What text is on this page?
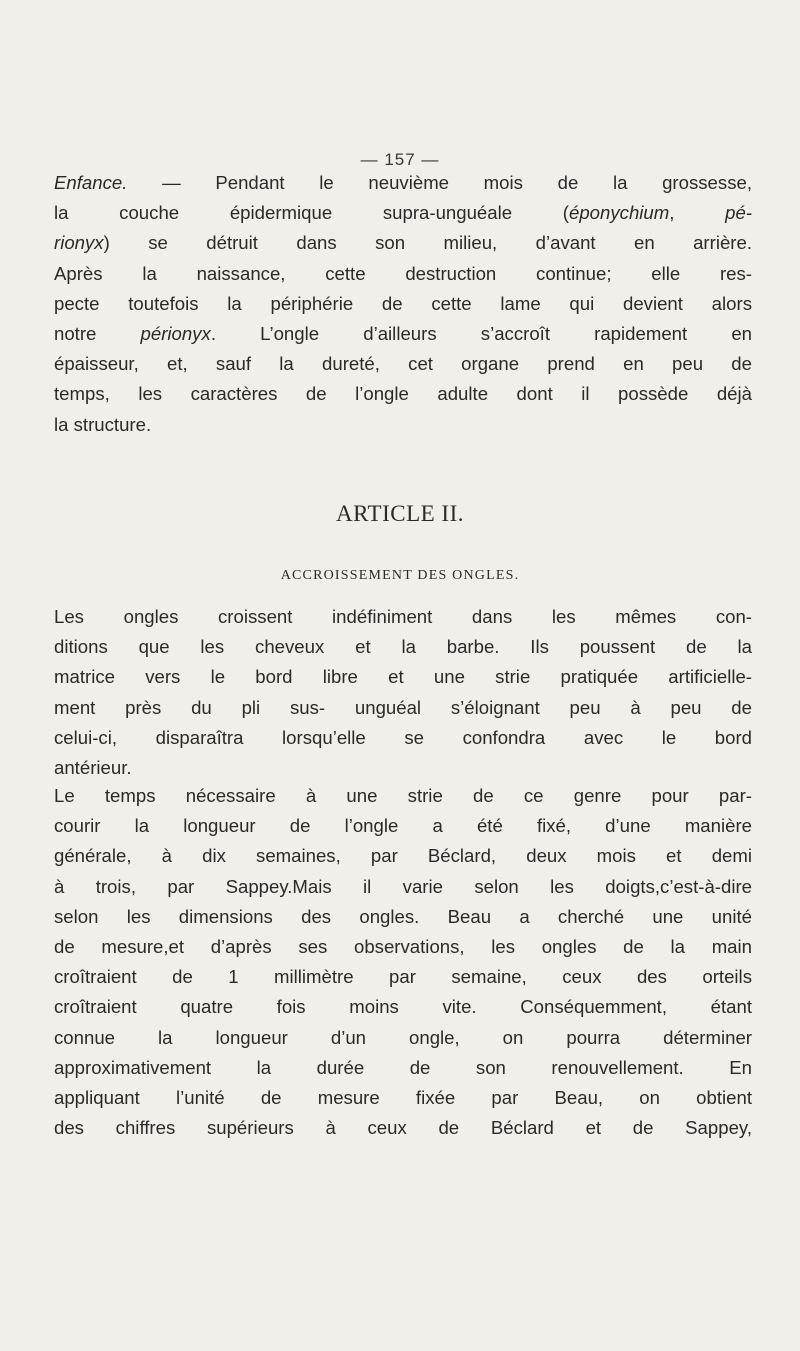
— 157 —

Enfance. — Pendant le neuvième mois de la grossesse,
la couche épidermique supra-unguéale (éponychium, pé-
rionyx) se détruit dans son milieu, d’avant en arrière.
Après la naissance, cette destruction continue; elle res-
pecte toutefois la périphérie de cette lame qui devient alors
notre périonyx. L’ongle d’ailleurs s’accroît rapidement en
épaisseur, et, sauf la dureté, cet organe prend en peu de
temps, les caractères de l’ongle adulte dont il possède déjà
la structure.

ARTICLE II.
ACCROISSEMENT DES ONGLES.

Les ongles croissent indéfiniment dans les mêmes con-
ditions que les cheveux et la barbe. Ils poussent de la
matrice vers le bord libre et une strie pratiquée artificielle-
ment près du pli sus- unguéal s’éloignant peu à peu de
celui-ci, disparaîtra lorsqu’elle se confondra avec le bord
antérieur.

Le temps nécessaire à une strie de ce genre pour par-
courir la longueur de l’ongle a été fixé, d’une manière
générale, à dix semaines, par Béclard, deux mois et demi
à trois, par Sappey.Mais il varie selon les doigts,c’est-à-dire
selon les dimensions des ongles. Beau a cherché une unité
de mesure,et d’après ses observations, les ongles de la main
croîtraient de 1 millimètre par semaine, ceux des orteils
croîtraient quatre fois moins vite. Conséquemment, étant
connue la longueur d’un ongle, on pourra déterminer
approximativement la durée de son renouvellement. En
appliquant l’unité de mesure fixée par Beau, on obtient
des chiffres supérieurs à ceux de Béclard et de Sappey,
